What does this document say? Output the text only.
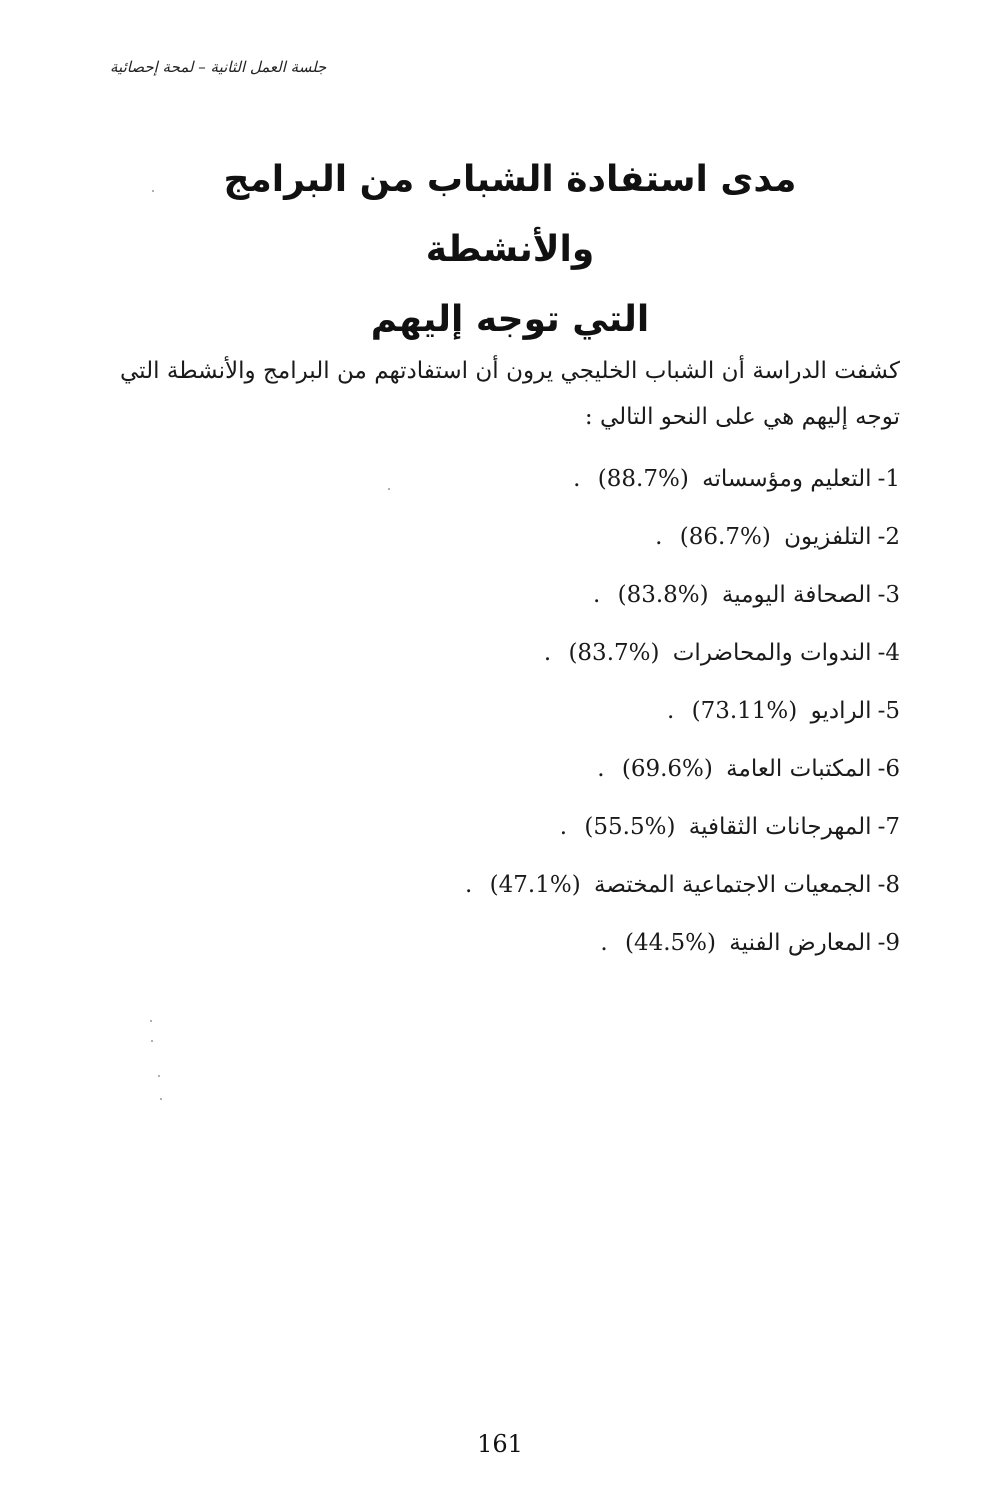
جلسة العمل الثانية – لمحة إحصائية

مدى استفادة الشباب من البرامج والأنشطة

التي توجه إليهم

كشفت الدراسة أن الشباب الخليجي يرون أن استفادتهم من البرامج والأنشطة التي توجه إليهم هي على النحو التالي :

1-التعليم ومؤسساته (%88.7) .
2-التلفزيون (%86.7) .
3-الصحافة اليومية (%83.8) .
4-الندوات والمحاضرات (%83.7) .
5-الراديو (%73.11) .
6-المكتبات العامة (%69.6) .
7-المهرجانات الثقافية (%55.5) .
8-الجمعيات الاجتماعية المختصة (%47.1) .
9-المعارض الفنية (%44.5) .
161
